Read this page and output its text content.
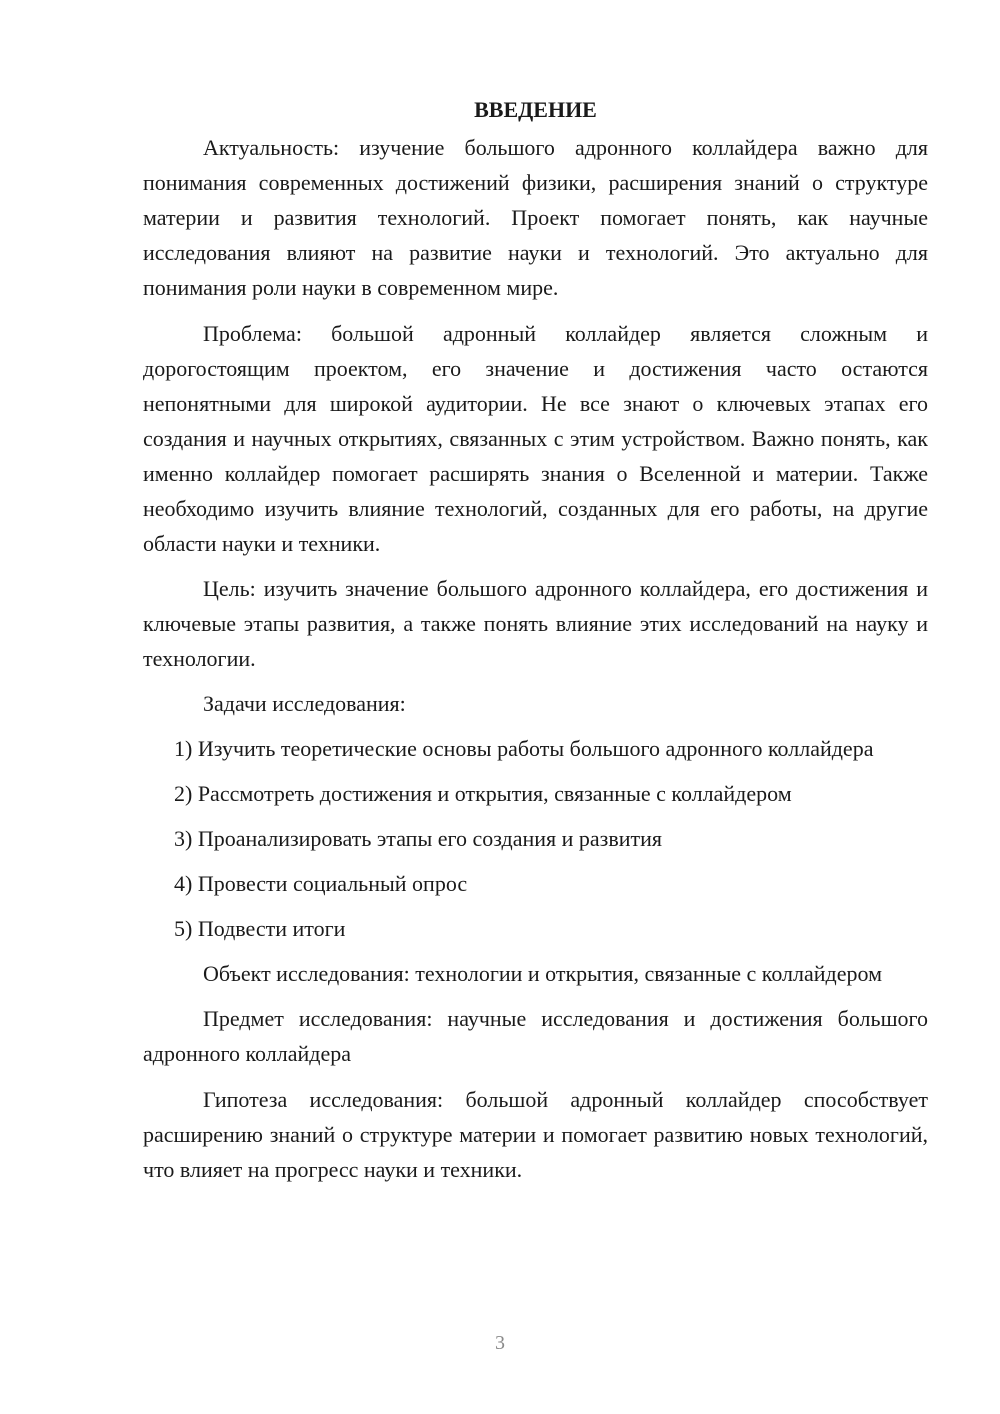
ВВЕДЕНИЕ

Актуальность: изучение большого адронного коллайдера важно для понимания современных достижений физики, расширения знаний о структуре материи и развития технологий. Проект помогает понять, как научные исследования влияют на развитие науки и технологий. Это актуально для понимания роли науки в современном мире.

Проблема: большой адронный коллайдер является сложным и дорогостоящим проектом, его значение и достижения часто остаются непонятными для широкой аудитории. Не все знают о ключевых этапах его создания и научных открытиях, связанных с этим устройством. Важно понять, как именно коллайдер помогает расширять знания о Вселенной и материи. Также необходимо изучить влияние технологий, созданных для его работы, на другие области науки и техники.

Цель: изучить значение большого адронного коллайдера, его достижения и ключевые этапы развития, а также понять влияние этих исследований на науку и технологии.

Задачи исследования:

1) Изучить теоретические основы работы большого адронного коллайдера

2) Рассмотреть достижения и открытия, связанные с коллайдером

3) Проанализировать этапы его создания и развития

4) Провести социальный опрос

5) Подвести итоги

Объект исследования: технологии и открытия, связанные с коллайдером

Предмет исследования: научные исследования и достижения большого адронного коллайдера

Гипотеза исследования: большой адронный коллайдер способствует расширению знаний о структуре материи и помогает развитию новых технологий, что влияет на прогресс науки и техники.

3
